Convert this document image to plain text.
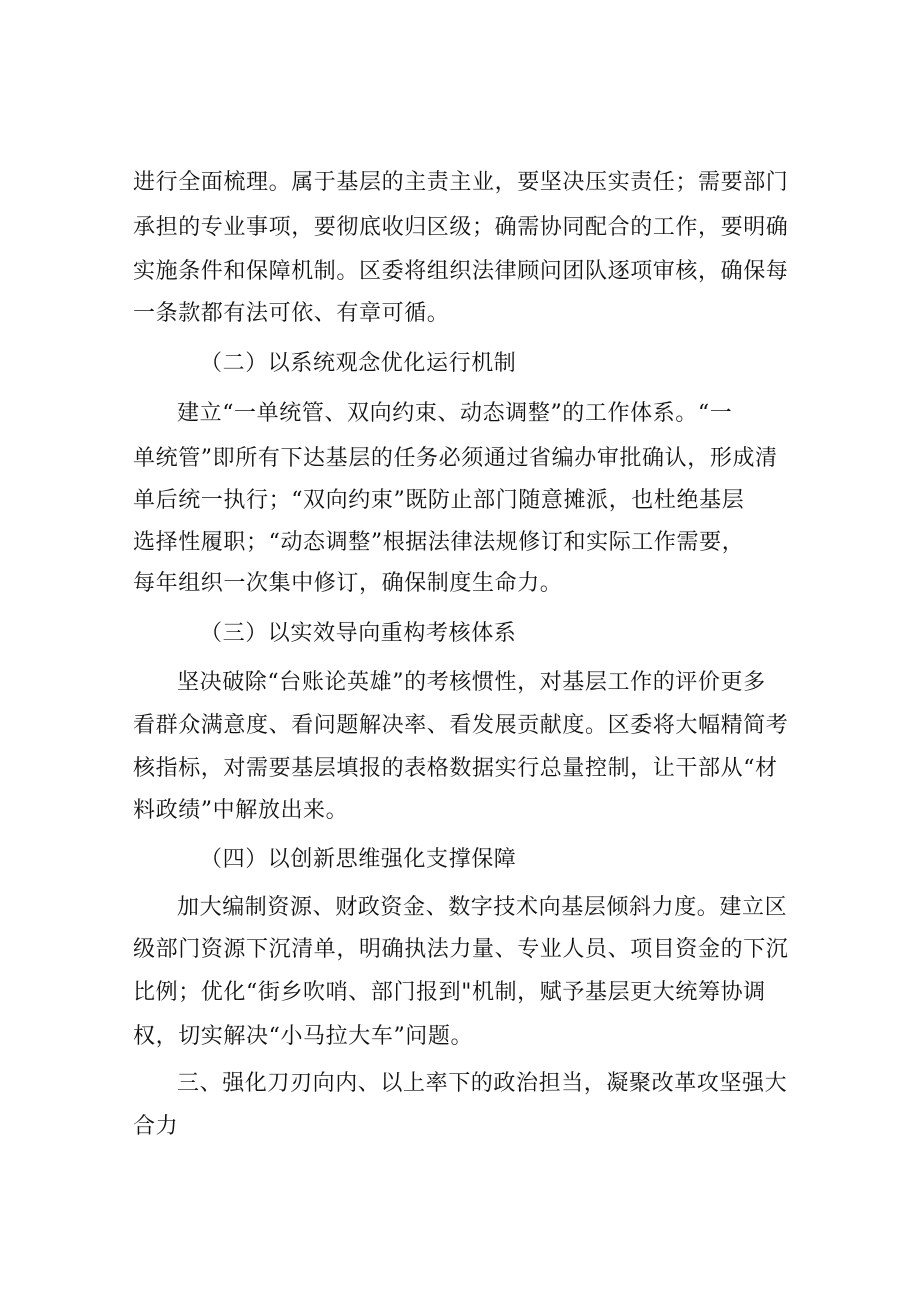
进行全面梳理。属于基层的主责主业，要坚决压实责任；需要部门
承担的专业事项，要彻底收归区级；确需协同配合的工作，要明确
实施条件和保障机制。区委将组织法律顾问团队逐项审核，确保每
一条款都有法可依、有章可循。
（二）以系统观念优化运行机制
建立“一单统管、双向约束、动态调整”的工作体系。“一
单统管”即所有下达基层的任务必须通过省编办审批确认，形成清
单后统一执行；“双向约束”既防止部门随意摊派，也杜绝基层
选择性履职；“动态调整”根据法律法规修订和实际工作需要，
每年组织一次集中修订，确保制度生命力。
（三）以实效导向重构考核体系
坚决破除“台账论英雄”的考核惯性，对基层工作的评价更多
看群众满意度、看问题解决率、看发展贡献度。区委将大幅精简考
核指标，对需要基层填报的表格数据实行总量控制，让干部从“材
料政绩”中解放出来。
（四）以创新思维强化支撑保障
加大编制资源、财政资金、数字技术向基层倾斜力度。建立区
级部门资源下沉清单，明确执法力量、专业人员、项目资金的下沉
比例；优化“街乡吹哨、部门报到"机制，赋予基层更大统筹协调
权，切实解决“小马拉大车”问题。
三、强化刀刃向内、以上率下的政治担当，凝聚改革攻坚强大
合力
